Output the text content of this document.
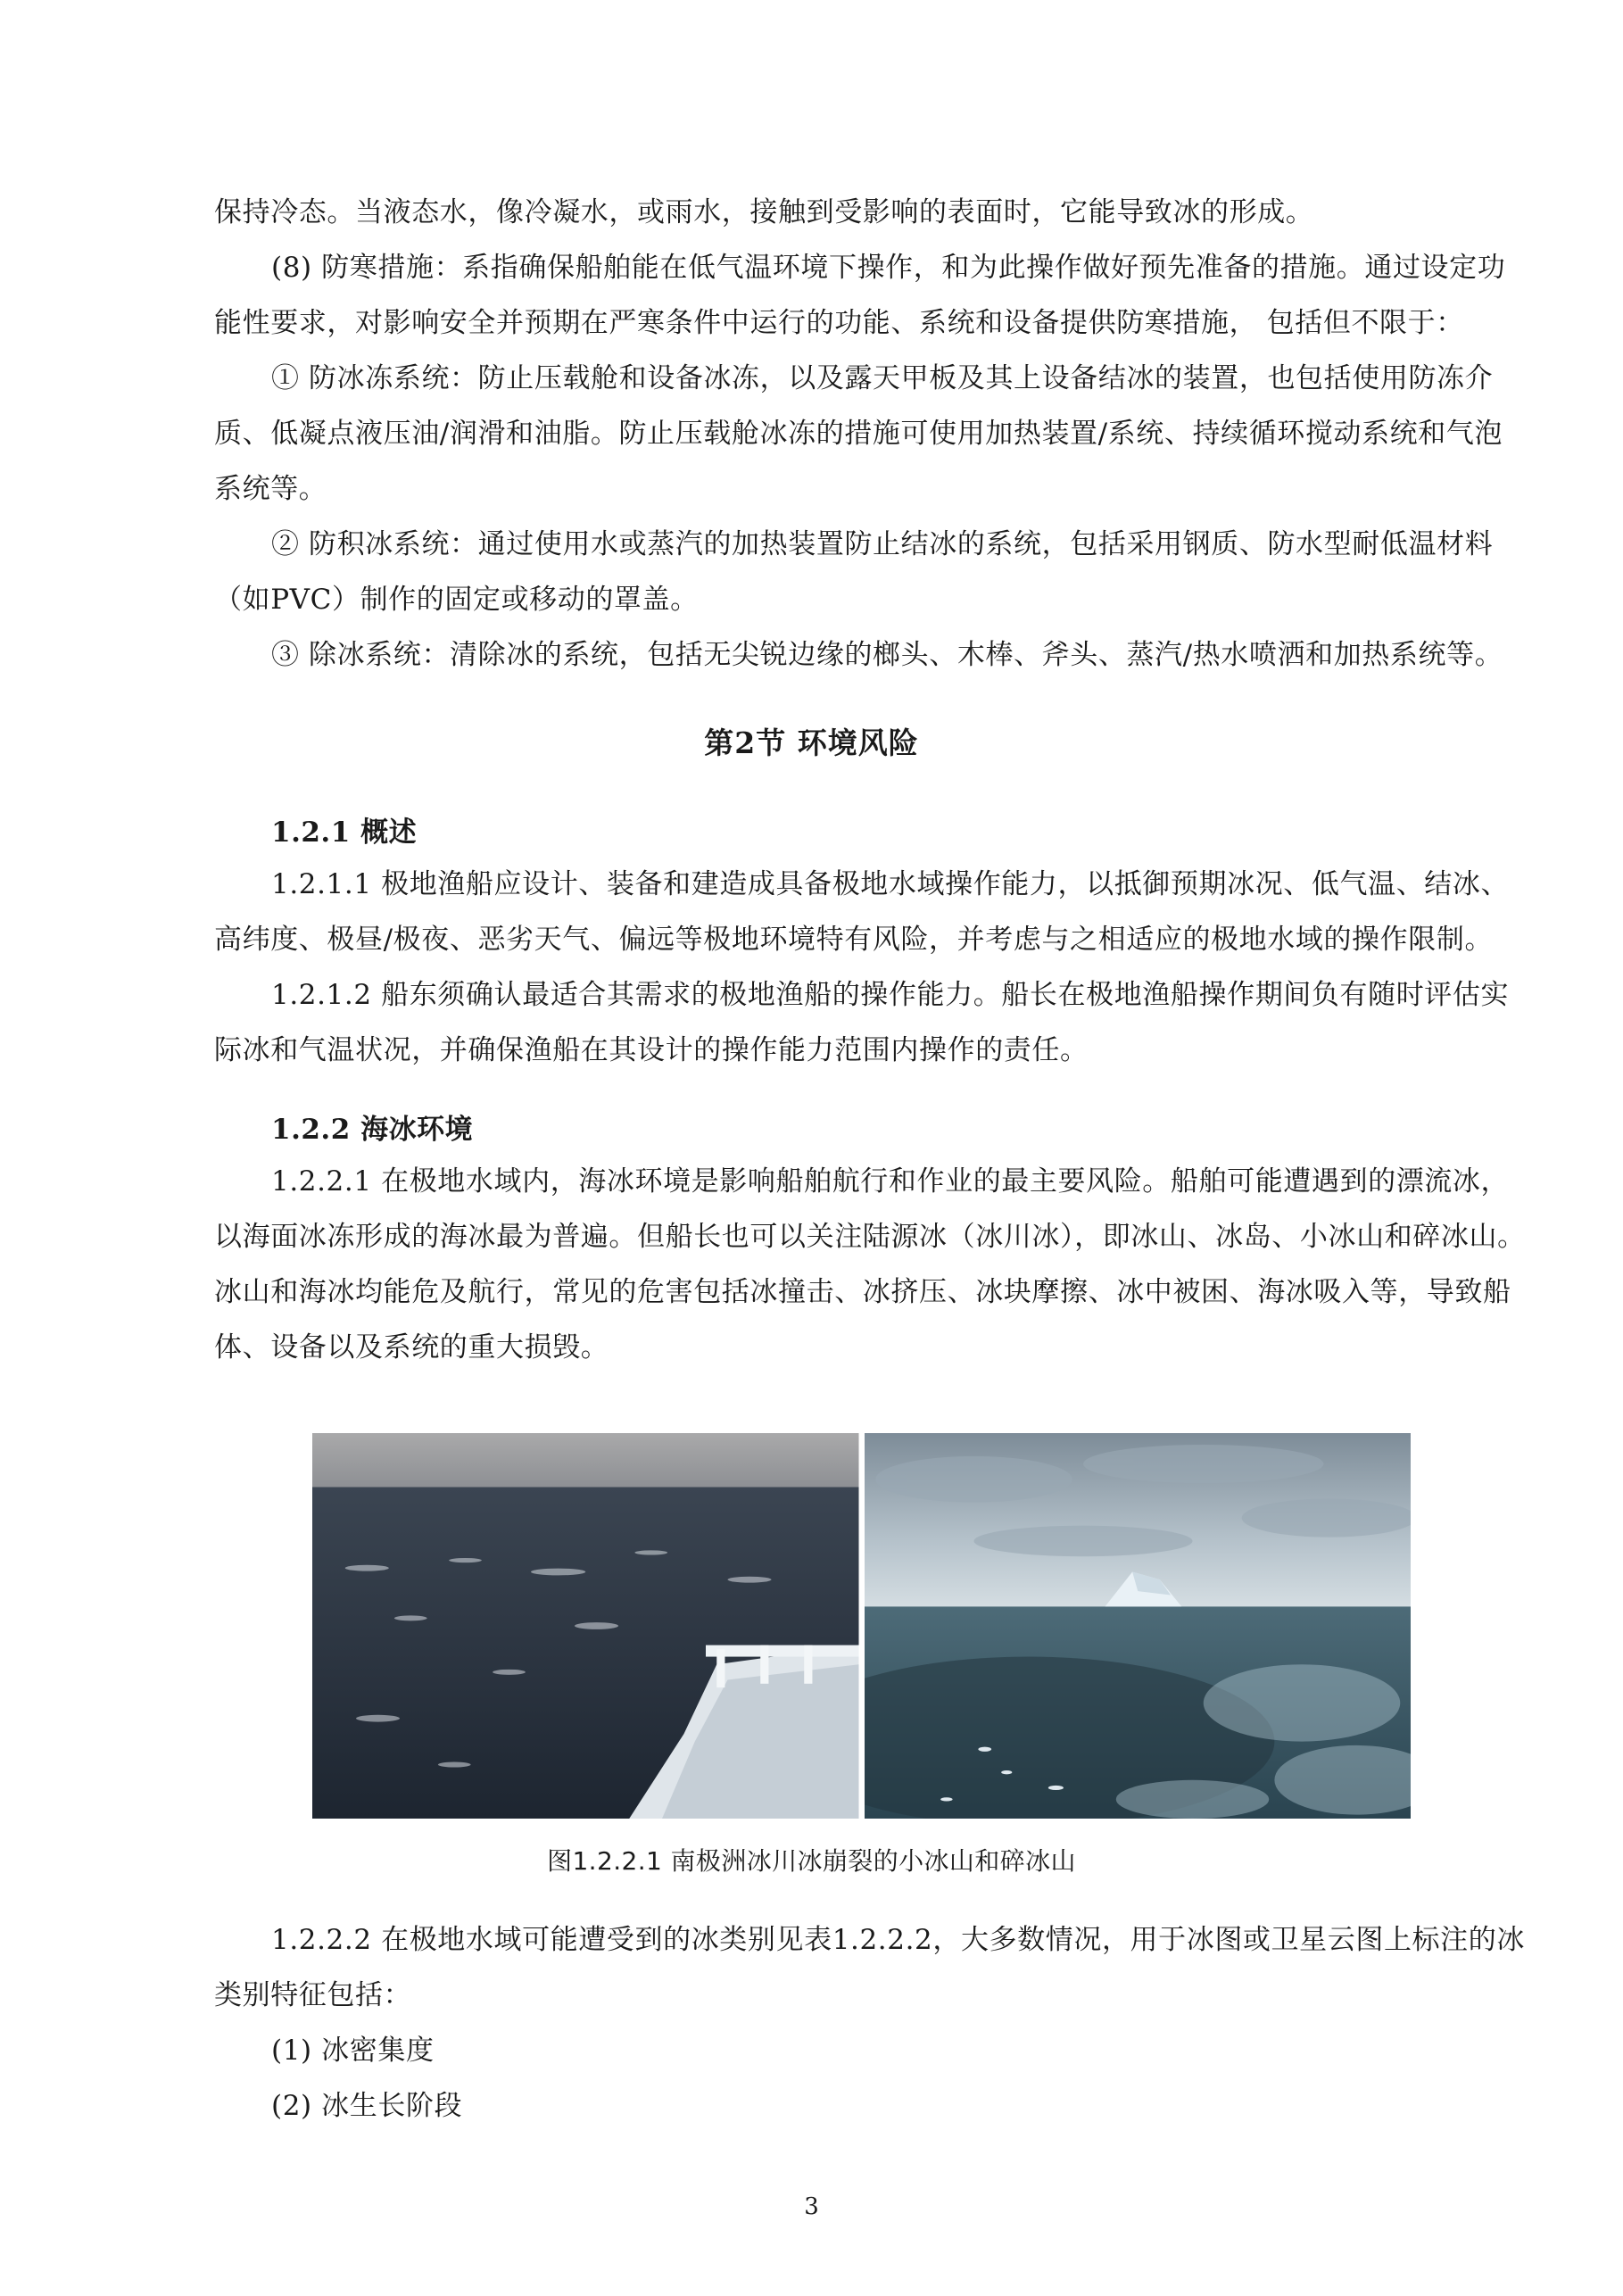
保持冷态。当液态水，像冷凝水，或雨水，接触到受影响的表面时，它能导致冰的形成。

(8) 防寒措施：系指确保船舶能在低气温环境下操作，和为此操作做好预先准备的措施。通过设定功能性要求，对影响安全并预期在严寒条件中运行的功能、系统和设备提供防寒措施， 包括但不限于：

① 防冰冻系统：防止压载舱和设备冰冻，以及露天甲板及其上设备结冰的装置，也包括使用防冻介质、低凝点液压油/润滑和油脂。防止压载舱冰冻的措施可使用加热装置/系统、持续循环搅动系统和气泡系统等。

② 防积冰系统：通过使用水或蒸汽的加热装置防止结冰的系统，包括采用钢质、防水型耐低温材料（如PVC）制作的固定或移动的罩盖。

③ 除冰系统：清除冰的系统，包括无尖锐边缘的榔头、木棒、斧头、蒸汽/热水喷洒和加热系统等。

第2节 环境风险
1.2.1 概述

1.2.1.1 极地渔船应设计、装备和建造成具备极地水域操作能力，以抵御预期冰况、低气温、结冰、高纬度、极昼/极夜、恶劣天气、偏远等极地环境特有风险，并考虑与之相适应的极地水域的操作限制。

1.2.1.2 船东须确认最适合其需求的极地渔船的操作能力。船长在极地渔船操作期间负有随时评估实际冰和气温状况，并确保渔船在其设计的操作能力范围内操作的责任。

1.2.2 海冰环境

1.2.2.1 在极地水域内，海冰环境是影响船舶航行和作业的最主要风险。船舶可能遭遇到的漂流冰，以海面冰冻形成的海冰最为普遍。但船长也可以关注陆源冰（冰川冰），即冰山、冰岛、小冰山和碎冰山。冰山和海冰均能危及航行，常见的危害包括冰撞击、冰挤压、冰块摩擦、冰中被困、海冰吸入等，导致船体、设备以及系统的重大损毁。

图1.2.2.1 南极洲冰川冰崩裂的小冰山和碎冰山

1.2.2.2 在极地水域可能遭受到的冰类别见表1.2.2.2，大多数情况，用于冰图或卫星云图上标注的冰类别特征包括：

(1) 冰密集度

(2) 冰生长阶段

3
